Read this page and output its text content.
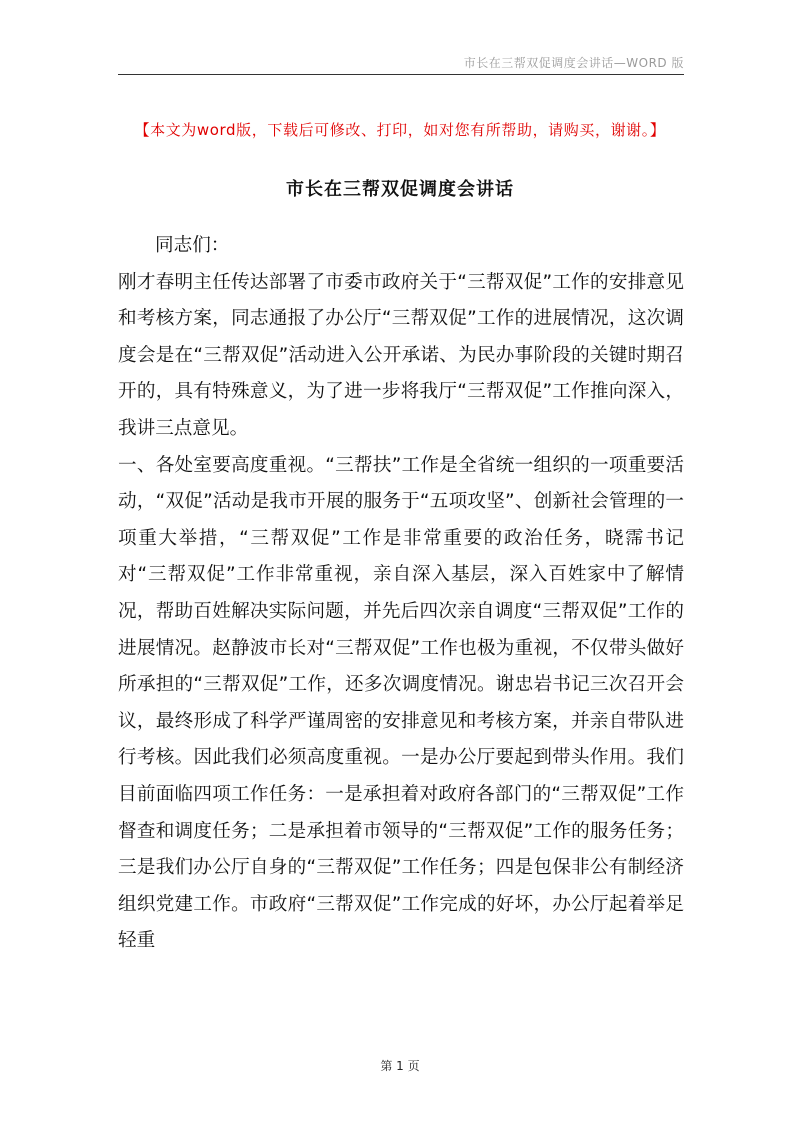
市长在三帮双促调度会讲话—WORD 版
【本文为word版，下载后可修改、打印，如对您有所帮助，请购买，谢谢。】
市长在三帮双促调度会讲话

同志们：

刚才春明主任传达部署了市委市政府关于“三帮双促”工作的安排意见和考核方案，同志通报了办公厅“三帮双促”工作的进展情况，这次调度会是在“三帮双促”活动进入公开承诺、为民办事阶段的关键时期召开的，具有特殊意义，为了进一步将我厅“三帮双促”工作推向深入，我讲三点意见。

一、各处室要高度重视。“三帮扶”工作是全省统一组织的一项重要活动，“双促”活动是我市开展的服务于“五项攻坚”、创新社会管理的一项重大举措，“三帮双促”工作是非常重要的政治任务，晓霈书记对“三帮双促”工作非常重视，亲自深入基层，深入百姓家中了解情况，帮助百姓解决实际问题，并先后四次亲自调度“三帮双促”工作的进展情况。赵静波市长对“三帮双促”工作也极为重视，不仅带头做好所承担的“三帮双促”工作，还多次调度情况。谢忠岩书记三次召开会议，最终形成了科学严谨周密的安排意见和考核方案，并亲自带队进行考核。因此我们必须高度重视。一是办公厅要起到带头作用。我们目前面临四项工作任务：一是承担着对政府各部门的“三帮双促”工作督查和调度任务；二是承担着市领导的“三帮双促”工作的服务任务；三是我们办公厅自身的“三帮双促”工作任务；四是包保非公有制经济组织党建工作。市政府“三帮双促”工作完成的好坏，办公厅起着举足轻重

第 1 页
